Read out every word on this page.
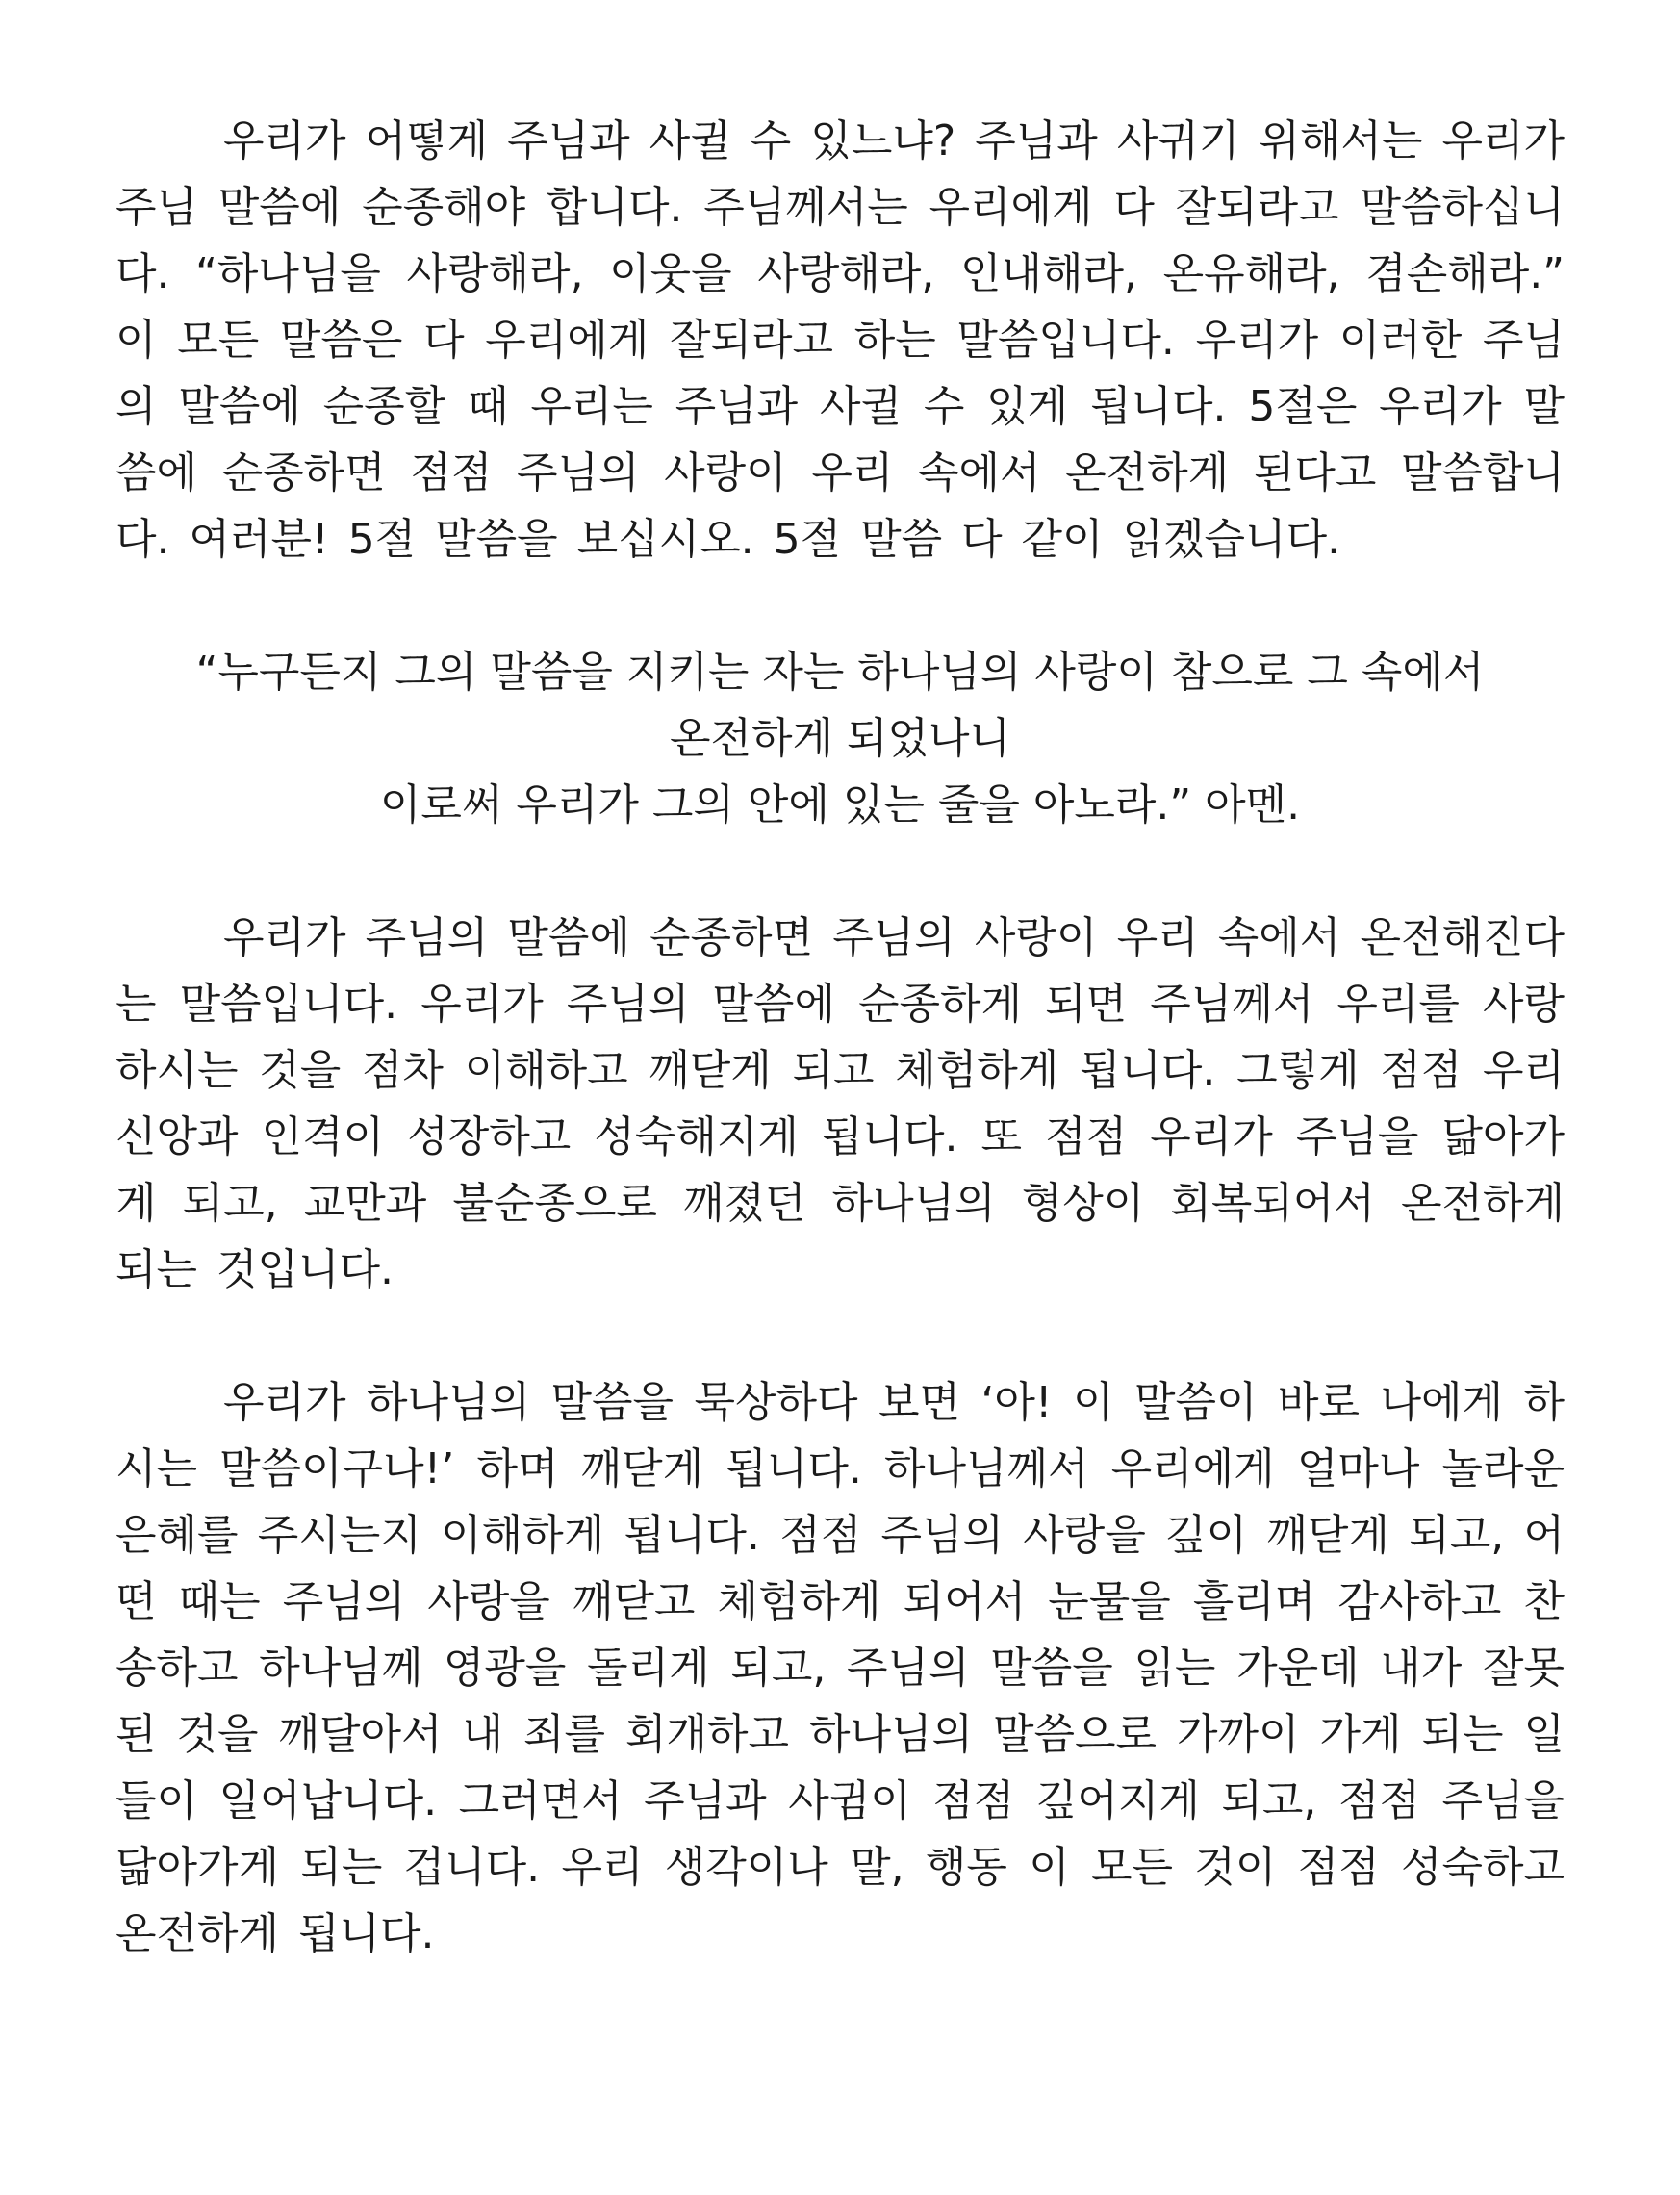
우리가 어떻게 주님과 사귈 수 있느냐? 주님과 사귀기 위해서는 우리가 주님 말씀에 순종해야 합니다. 주님께서는 우리에게 다 잘되라고 말씀하십니다. “하나님을 사랑해라, 이웃을 사랑해라, 인내해라, 온유해라, 겸손해라.” 이 모든 말씀은 다 우리에게 잘되라고 하는 말씀입니다. 우리가 이러한 주님의 말씀에 순종할 때 우리는 주님과 사귈 수 있게 됩니다. 5절은 우리가 말씀에 순종하면 점점 주님의 사랑이 우리 속에서 온전하게 된다고 말씀합니다. 여러분! 5절 말씀을 보십시오. 5절 말씀 다 같이 읽겠습니다.

“누구든지 그의 말씀을 지키는 자는 하나님의 사랑이 참으로 그 속에서
온전하게 되었나니
이로써 우리가 그의 안에 있는 줄을 아노라.” 아멘.

우리가 주님의 말씀에 순종하면 주님의 사랑이 우리 속에서 온전해진다는 말씀입니다. 우리가 주님의 말씀에 순종하게 되면 주님께서 우리를 사랑하시는 것을 점차 이해하고 깨닫게 되고 체험하게 됩니다. 그렇게 점점 우리 신앙과 인격이 성장하고 성숙해지게 됩니다. 또 점점 우리가 주님을 닮아가게 되고, 교만과 불순종으로 깨졌던 하나님의 형상이 회복되어서 온전하게 되는 것입니다.

우리가 하나님의 말씀을 묵상하다 보면 ‘아! 이 말씀이 바로 나에게 하시는 말씀이구나!’ 하며 깨닫게 됩니다. 하나님께서 우리에게 얼마나 놀라운 은혜를 주시는지 이해하게 됩니다. 점점 주님의 사랑을 깊이 깨닫게 되고, 어떤 때는 주님의 사랑을 깨닫고 체험하게 되어서 눈물을 흘리며 감사하고 찬송하고 하나님께 영광을 돌리게 되고, 주님의 말씀을 읽는 가운데 내가 잘못된 것을 깨달아서 내 죄를 회개하고 하나님의 말씀으로 가까이 가게 되는 일들이 일어납니다. 그러면서 주님과 사귐이 점점 깊어지게 되고, 점점 주님을 닮아가게 되는 겁니다. 우리 생각이나 말, 행동 이 모든 것이 점점 성숙하고 온전하게 됩니다.
